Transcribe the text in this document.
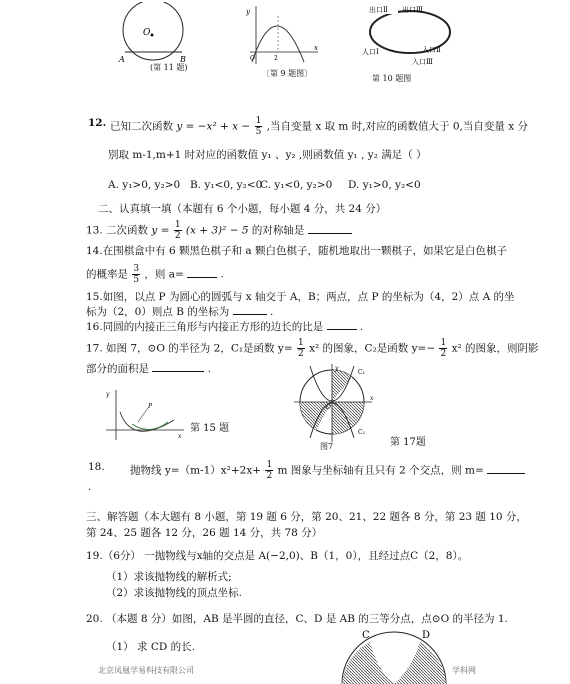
O
A	B
(第 11 题)
y
x
O	2
〔第 9 题图〕
出口Ⅱ 出口Ⅲ
人口Ⅰ	入口Ⅱ
入口Ⅲ
第 10 题图
12. 已知二次函数 $y = -x^2 + x - \frac{1}{5}$ ,当自变量 x 取 m 时,对应的函数值大于 0,当自变量 x 分
别取 m-1,m+1 时对应的函数值 y₁ 、y₂ ,则函数值 y₁ , y₂ 满足（ ）
A. y₁>0, y₂>0 B. y₁<0, y₂<0
C. y₁<0, y₂>0 D. y₁>0, y₂<0
二、认真填一填（本题有 6 个小题，每小题 4 分，共 24 分）
13. 二次函数 $y = \frac{1}{2} (x + 3)^2 - 5$ 的对称轴是
14.在围棋盒中有 6 颗黑色棋子和 a 颗白色棋子，随机地取出一颗棋子，如果它是白色棋子
的概率是 $\frac{3}{5}$ ，则 a=	.
15.如图，以点 P 为圆心的圆弧与 x 轴交于 A，B；两点，点 P 的坐标为（4，2）点 A 的坐
标为（2，0）则点 B 的坐标为	.
16.同圆的内接正三角形与内接正方形的边长的比是	.
17. 如图 7，⊙O 的半径为 2，C₁是函数 $y= \frac{1}{2} x^2$ 的图象，C₂是函数 $y=- \frac{1}{2} x^2$ 的图象，则阴影
部分的面积是	.
y
x
P
第 15 题
C₁
C₂
O
x
y
图7	第 17题
18. 抛物线 $y=(m-1)x^2+2x+ \frac{1}{2}$ m 图象与坐标轴有且只有 2 个交点，则 m=
.
三、解答题（本大题有 8 小题，第 19 题 6 分，第 20、21、22 题各 8 分，第 23 题 10 分，
第 24、25 题各 12 分，26 题 14 分，共 78 分）
19.（6分） 一抛物线与x轴的交点是 A(−2,0)、B（1，0），且经过点C（2，8）。
（1）求该抛物线的解析式;
（2）求该抛物线的顶点坐标.
20. （本题 8 分）如图，AB 是半圆的直径，C、D 是 AB 的三等分点，点⊙O 的半径为 1.
（1） 求 CD 的长.
C	D
北京凤凰学易科技有限公司	学科网
